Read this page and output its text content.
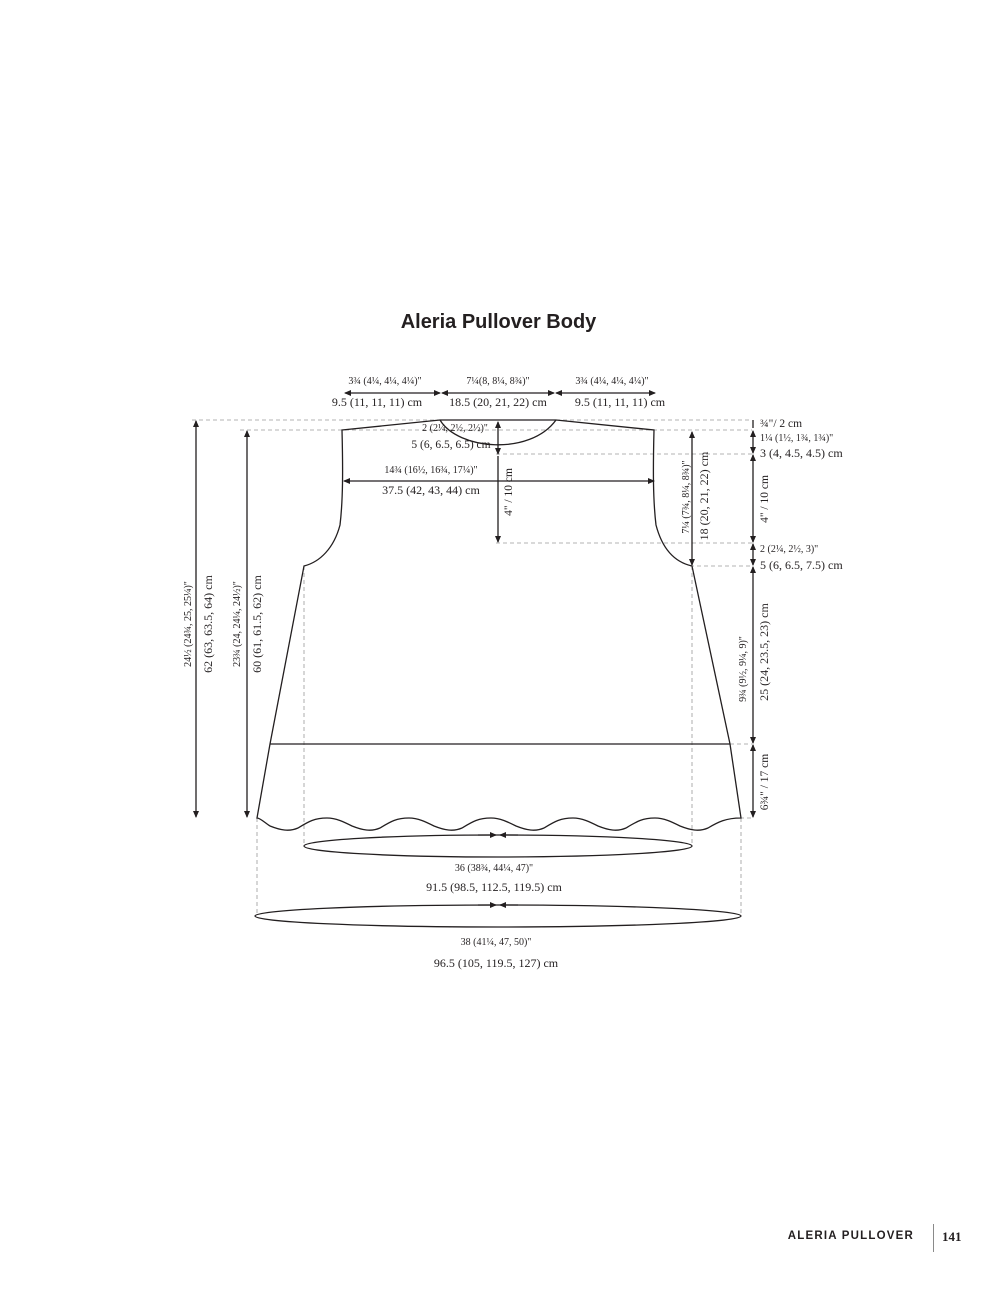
Aleria Pullover Body
3¾ (4¼, 4¼, 4¼)"
9.5 (11, 11, 11) cm
7¼(8, 8¼, 8¾)"
18.5 (20, 21, 22) cm
3¾ (4¼, 4¼, 4¼)"
9.5 (11, 11, 11) cm
2 (2¼, 2½, 2½)"
5 (6, 6.5, 6.5) cm
14¾ (16½, 16¾, 17¼)"
37.5 (42, 43, 44) cm 4" / 10 cm	7¼ (7¾, 8¼, 8¾)" 18 (20, 21, 22) cm
24½ (24¾, 25, 25¼)" 62 (63, 63.5, 64) cm 23¾ (24, 24¼, 24½)" 60 (61, 61.5, 62) cm
¾"/ 2 cm
1¼ (1½, 1¾, 1¾)"
3 (4, 4.5, 4.5) cm
4" / 10 cm
2 (2¼, 2½, 3)"
5 (6, 6.5, 7.5) cm
9¾ (9½, 9¼, 9)" 25 (24, 23.5, 23) cm
6¾" / 17 cm
36 (38¾, 44¼, 47)"
91.5 (98.5, 112.5, 119.5) cm
38 (41¼, 47, 50)"
96.5 (105, 119.5, 127) cm
ALERIA PULLOVER 141
